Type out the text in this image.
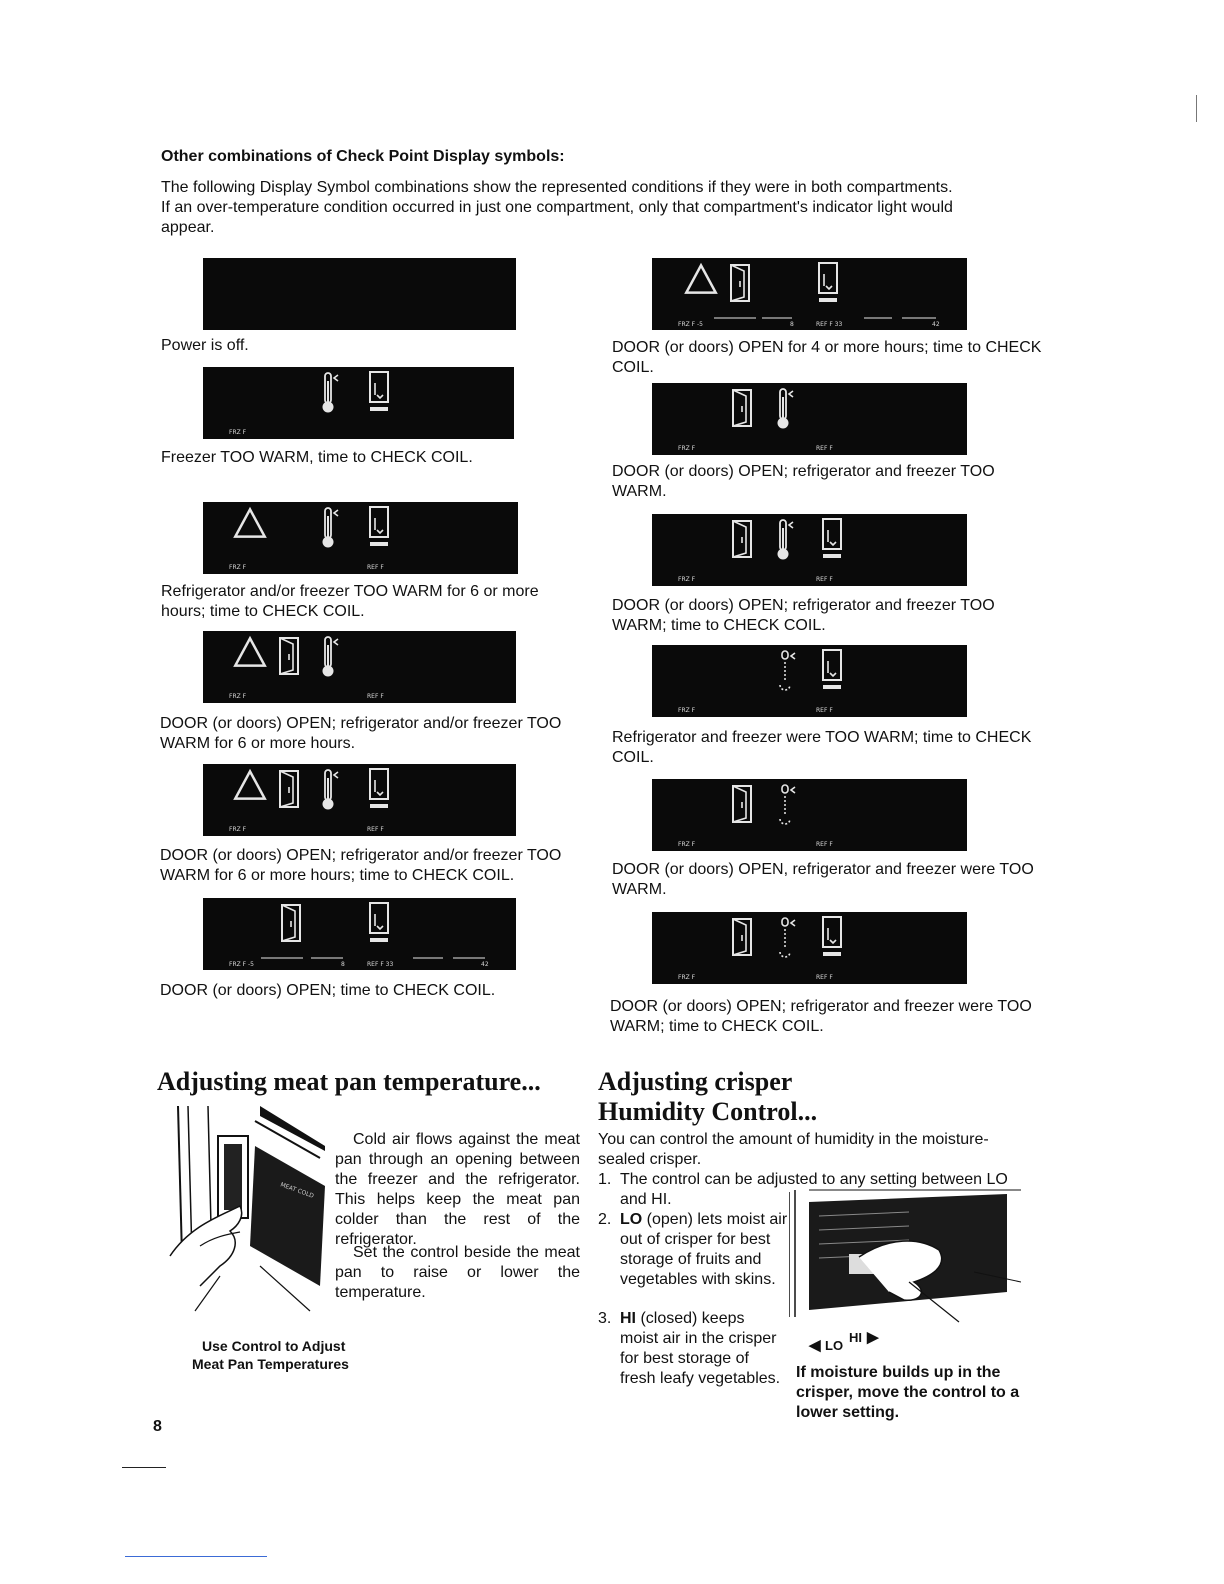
Other combinations of Check Point Display symbols:
The following Display Symbol combinations show the represented conditions if they were in both compartments. If an over-temperature condition occurred in just one compartment, only that compartment's indicator light would appear.
Power is off.
FRZ F
Freezer TOO WARM, time to CHECK COIL.
FRZ F	REF F
Refrigerator and/or freezer TOO WARM for 6 or more hours; time to CHECK COIL.
FRZ F	REF F
DOOR (or doors) OPEN; refrigerator and/or freezer TOO WARM for 6 or more hours.
FRZ F	REF F
DOOR (or doors) OPEN; refrigerator and/or freezer TOO WARM for 6 or more hours; time to CHECK COIL.
FRZ F -5	8	REF F 33	42
DOOR (or doors) OPEN; time to CHECK COIL.
FRZ F -5	8	REF F 33	42
DOOR (or doors) OPEN for 4 or more hours; time to CHECK COIL.
FRZ F	REF F
DOOR (or doors) OPEN; refrigerator and freezer TOO WARM.
FRZ F	REF F
DOOR (or doors) OPEN; refrigerator and freezer TOO WARM; time to CHECK COIL.
FRZ F	REF F
Refrigerator and freezer were TOO WARM; time to CHECK COIL.
FRZ F	REF F
DOOR (or doors) OPEN, refrigerator and freezer were TOO WARM.
FRZ F	REF F
DOOR (or doors) OPEN; refrigerator and freezer were TOO WARM; time to CHECK COIL.
Adjusting meat pan temperature...
MEAT COLD
Cold air flows against the meat pan through an opening between the freezer and the refrigerator. This helps keep the meat pan colder than the rest of the refrigerator.
Set the control beside the meat pan to raise or lower the temperature.
Use Control to Adjust
Meat Pan Temperatures
Adjusting crisper
Humidity Control...
You can control the amount of humidity in the moisture-sealed crisper.
1. The control can be adjusted to any setting between LO and HI.
2. LO (open) lets moist air out of crisper for best storage of fruits and vegetables with skins.
3. HI (closed) keeps moist air in the crisper for best storage of fresh leafy vegetables.
◀ LO
HI ▶
If moisture builds up in the crisper, move the control to a lower setting.
8
